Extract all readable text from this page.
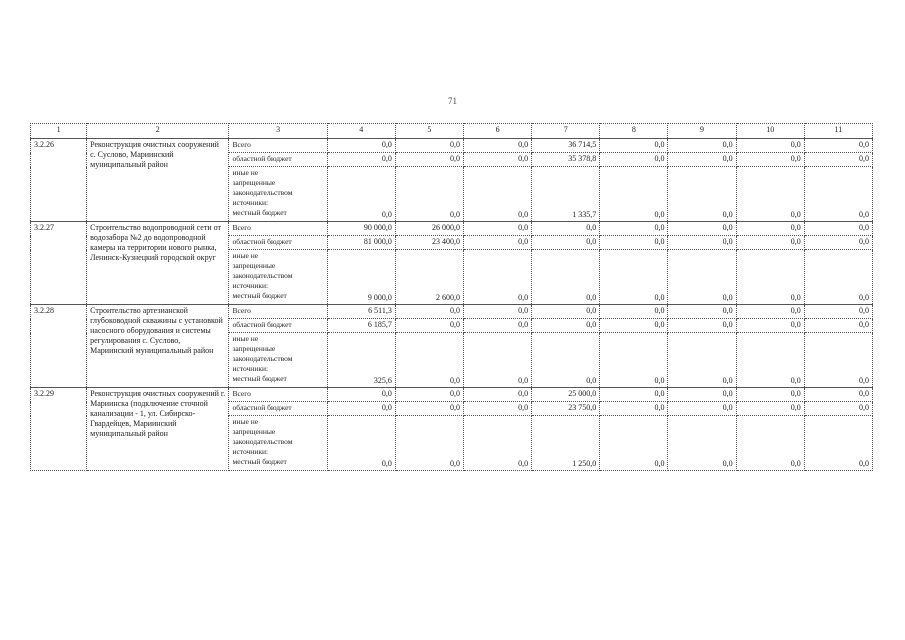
71
1	2	3	4	5	6	7	8	9	10	11
3.2.26	Реконструкция очистных сооружений с. Суслово, Мариинский муниципальный район	Всего	0,0	0,0	0,0	36 714,5	0,0	0,0	0,0	0,0
		областной бюджет	0,0	0,0	0,0	35 378,8	0,0	0,0	0,0	0,0

		иные не
запрещенные
законодательством
источники:
местный бюджет	0,0	0,0	0,0	1 335,7	0,0	0,0	0,0	0,0
3.2.27	Строительство водопроводной сети от водозабора №2 до водопроводной камеры на территории нового рынка, Ленинск-Кузнецкий городской округ	Всего	90 000,0	26 000,0	0,0	0,0	0,0	0,0	0,0	0,0
		областной бюджет	81 000,0	23 400,0	0,0	0,0	0,0	0,0	0,0	0,0

		иные не
запрещенные
законодательством
источники:
местный бюджет	9 000,0	2 600,0	0,0	0,0	0,0	0,0	0,0	0,0
3.2.28	Строительство артезианской глубоководной скважины с установкой насосного оборудования и системы регулирования с. Суслово, Мариинский муниципальный район	Всего	6 511,3	0,0	0,0	0,0	0,0	0,0	0,0	0,0
		областной бюджет	6 185,7	0,0	0,0	0,0	0,0	0,0	0,0	0,0

		иные не
запрещенные
законодательством
источники:
местный бюджет	325,6	0,0	0,0	0,0	0,0	0,0	0,0	0,0
3.2.29	Реконструкция очистных сооружений г. Мариинска (подключение сточной канализации - 1, ул. Сибирско-Гвардейцев, Мариинский муниципальный район	Всего	0,0	0,0	0,0	25 000,0	0,0	0,0	0,0	0,0
		областной бюджет	0,0	0,0	0,0	23 750,0	0,0	0,0	0,0	0,0

		иные не
запрещенные
законодательством
источники:
местный бюджет	0,0	0,0	0,0	1 250,0	0,0	0,0	0,0	0,0
